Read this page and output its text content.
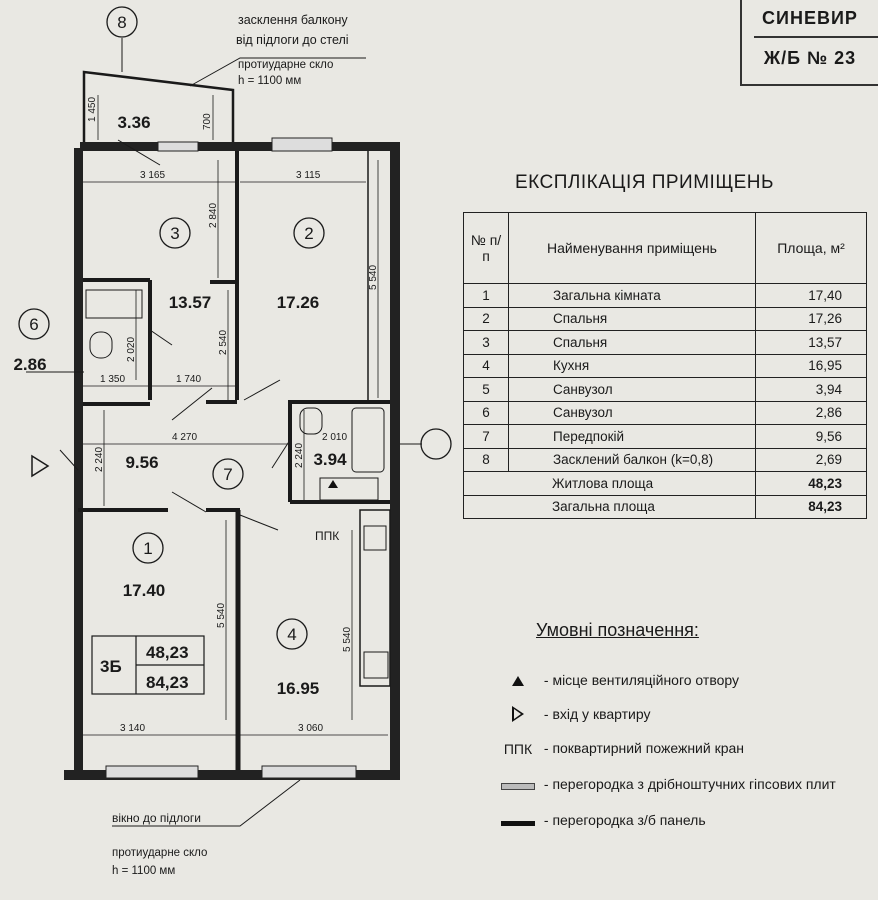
8
3	2
6
7
1
4
3.36
13.57	17.26
2.86
9.56	3.94
17.40
16.95
1 450	700
3 165	3 115
2 840
5 540
2 540
2 020
1 350	1 740
4 270	2 010
2 240	2 240
5 540
5 540
3 140	3 060
ППК
засклення балкону
від підлоги до стелі
протиударне скло
h = 1100 мм
вікно до підлоги
протиударне скло
h = 1100 мм
3Б
48,23
84,23
СИНЕВИР
Ж/Б № 23
ЕКСПЛІКАЦІЯ ПРИМІЩЕНЬ
№ п/п	Найменування приміщень	Площа, м²
1	Загальна кімната	17,40
2	Спальня	17,26
3	Спальня	13,57
4	Кухня	16,95
5	Санвузол	3,94
6	Санвузол	2,86
7	Передпокій	9,56
8	Засклений балкон (k=0,8)	2,69
Житлова площа		48,23
Загальна площа		84,23
Умовні позначення:
- місце вентиляційного отвору
- вхід у квартиру
ППК - поквартирний пожежний кран
- перегородка з дрібноштучних гіпсових плит
- перегородка з/б панель
